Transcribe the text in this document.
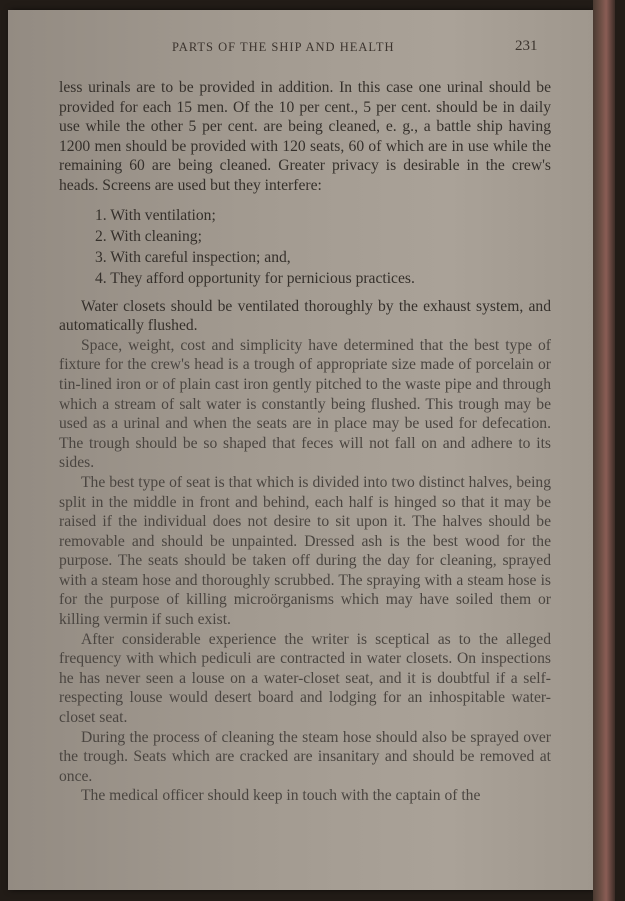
PARTS OF THE SHIP AND HEALTH	231

less urinals are to be provided in addition. In this case one urinal should be provided for each 15 men. Of the 10 per cent., 5 per cent. should be in daily use while the other 5 per cent. are being cleaned, e. g., a battle ship having 1200 men should be provided with 120 seats, 60 of which are in use while the remaining 60 are being cleaned. Greater privacy is desirable in the crew's heads. Screens are used but they interfere:

1. With ventilation;
2. With cleaning;
3. With careful inspection; and,
4. They afford opportunity for pernicious practices.

Water closets should be ventilated thoroughly by the exhaust system, and automatically flushed.

Space, weight, cost and simplicity have determined that the best type of fixture for the crew's head is a trough of appropriate size made of porcelain or tin-lined iron or of plain cast iron gently pitched to the waste pipe and through which a stream of salt water is constantly being flushed. This trough may be used as a urinal and when the seats are in place may be used for defecation. The trough should be so shaped that feces will not fall on and adhere to its sides.

The best type of seat is that which is divided into two distinct halves, being split in the middle in front and behind, each half is hinged so that it may be raised if the individual does not desire to sit upon it. The halves should be removable and should be unpainted. Dressed ash is the best wood for the purpose. The seats should be taken off during the day for cleaning, sprayed with a steam hose and thoroughly scrubbed. The spraying with a steam hose is for the purpose of killing microörganisms which may have soiled them or killing vermin if such exist.

After considerable experience the writer is sceptical as to the alleged frequency with which pediculi are contracted in water closets. On inspections he has never seen a louse on a water-closet seat, and it is doubtful if a self-respecting louse would desert board and lodging for an inhospitable water-closet seat.

During the process of cleaning the steam hose should also be sprayed over the trough. Seats which are cracked are insanitary and should be removed at once.

The medical officer should keep in touch with the captain of the
